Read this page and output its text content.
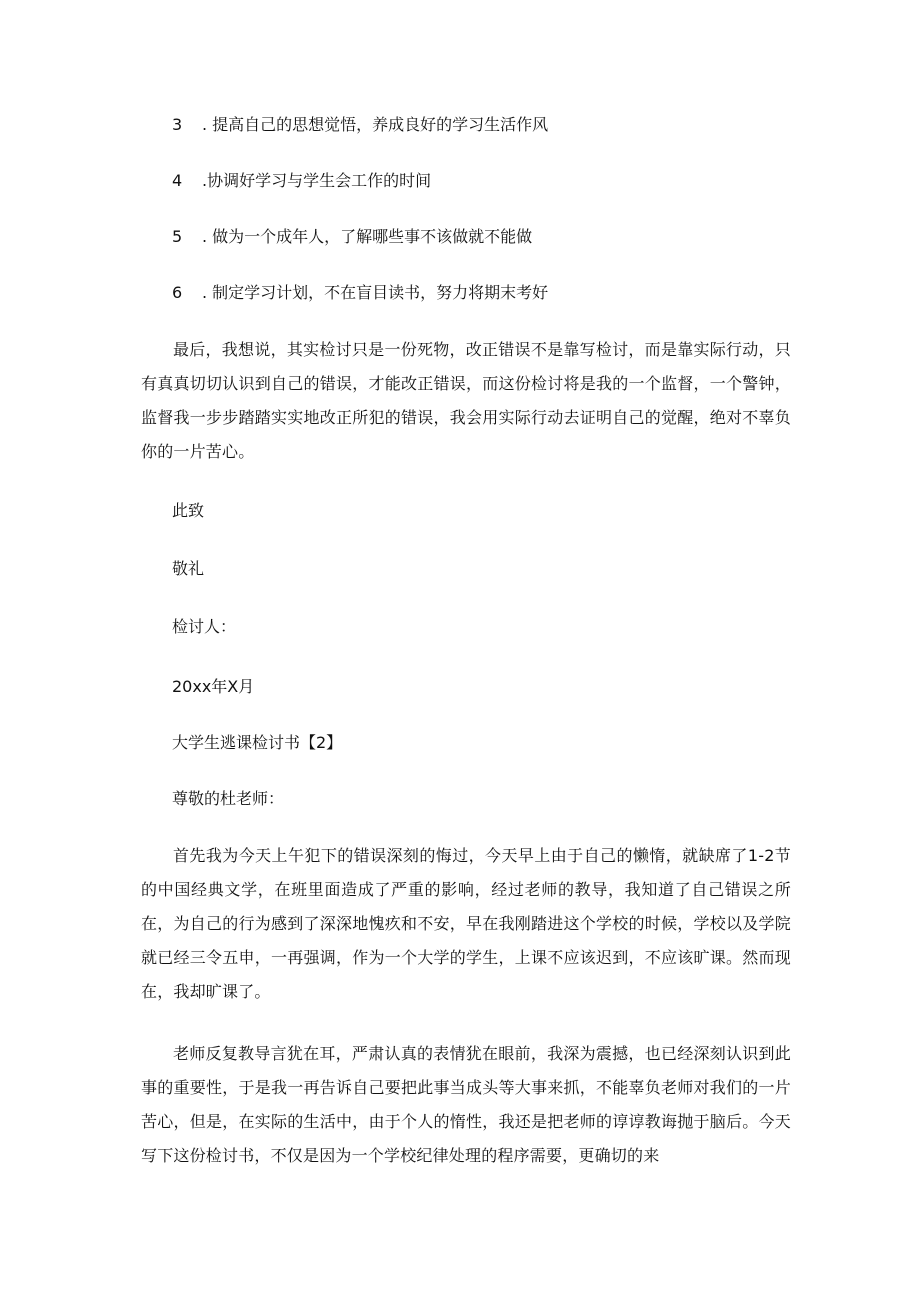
3 . 提高自己的思想觉悟，养成良好的学习生活作风
4 .协调好学习与学生会工作的时间
5 . 做为一个成年人，了解哪些事不该做就不能做
6 . 制定学习计划，不在盲目读书，努力将期末考好
最后，我想说，其实检讨只是一份死物，改正错误不是靠写检讨，而是靠实际行动，只有真真切切认识到自己的错误，才能改正错误，而这份检讨将是我的一个监督，一个警钟，监督我一步步踏踏实实地改正所犯的错误，我会用实际行动去证明自己的觉醒，绝对不辜负你的一片苦心。
此致
敬礼
检讨人：
20xx年X月
大学生逃课检讨书【2】
尊敬的杜老师：
首先我为今天上午犯下的错误深刻的悔过，今天早上由于自己的懒惰，就缺席了1-2节的中国经典文学，在班里面造成了严重的影响，经过老师的教导，我知道了自己错误之所在，为自己的行为感到了深深地愧疚和不安，早在我刚踏进这个学校的时候，学校以及学院就已经三令五申，一再强调，作为一个大学的学生，上课不应该迟到，不应该旷课。然而现在，我却旷课了。
老师反复教导言犹在耳，严肃认真的表情犹在眼前，我深为震撼，也已经深刻认识到此事的重要性，于是我一再告诉自己要把此事当成头等大事来抓，不能辜负老师对我们的一片苦心，但是，在实际的生活中，由于个人的惰性，我还是把老师的谆谆教诲抛于脑后。今天写下这份检讨书，不仅是因为一个学校纪律处理的程序需要，更确切的来
